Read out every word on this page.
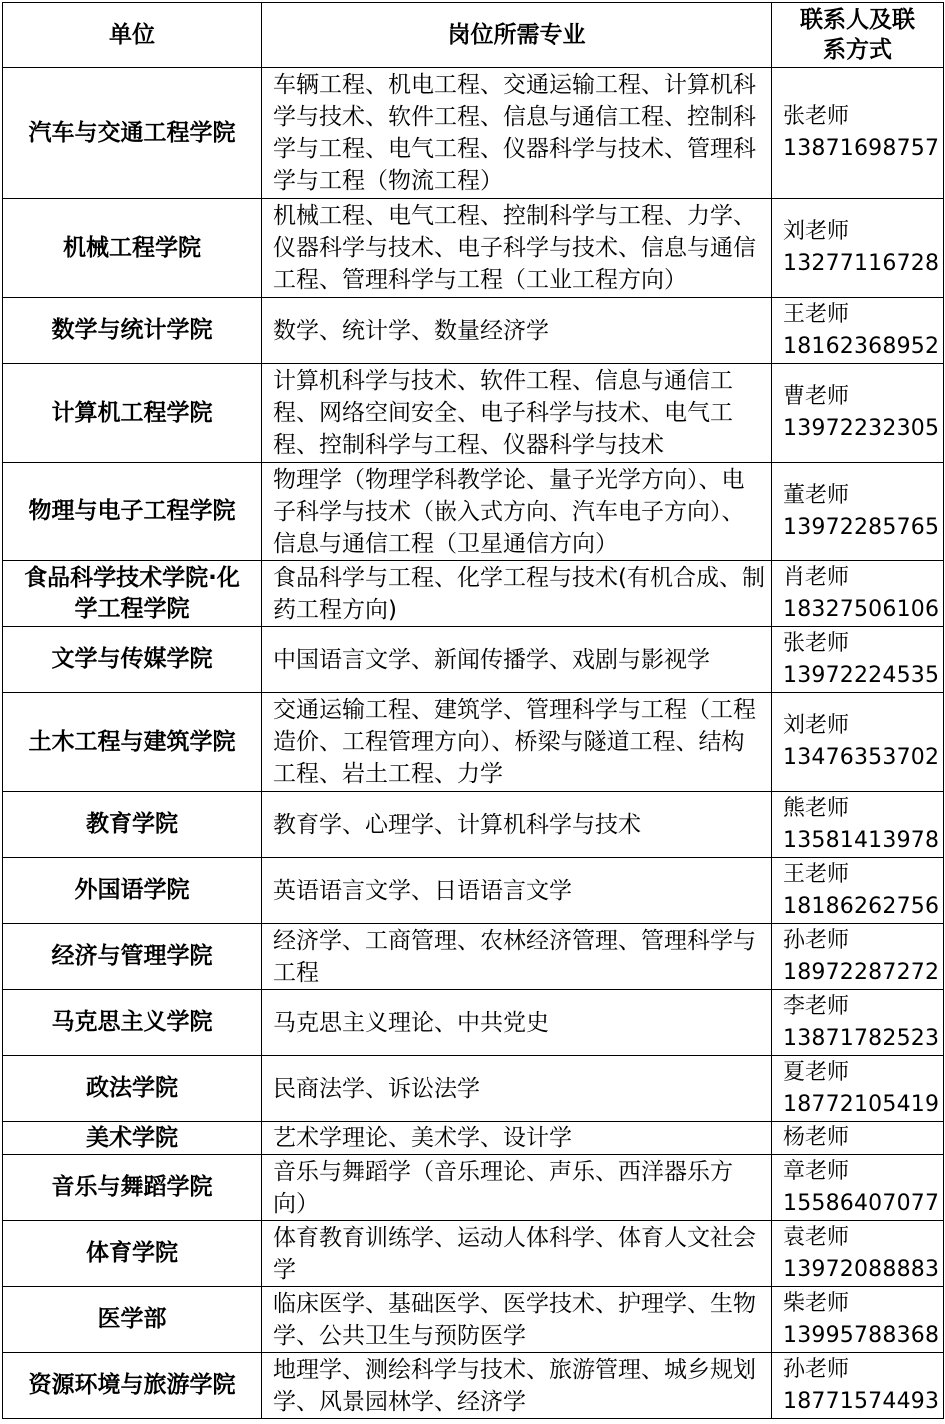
单位	岗位所需专业	联系人及联系方式
汽车与交通工程学院	车辆工程、机电工程、交通运输工程、计算机科学与技术、软件工程、信息与通信工程、控制科学与工程、电气工程、仪器科学与技术、管理科学与工程（物流工程）	张老师
13871698757

机械工程学院	机械工程、电气工程、控制科学与工程、力学、仪器科学与技术、电子科学与技术、信息与通信工程、管理科学与工程（工业工程方向）	刘老师
13277116728

数学与统计学院	数学、统计学、数量经济学	王老师
18162368952

计算机工程学院	计算机科学与技术、软件工程、信息与通信工程、网络空间安全、电子科学与技术、电气工程、控制科学与工程、仪器科学与技术	曹老师
13972232305

物理与电子工程学院	物理学（物理学科教学论、量子光学方向）、电子科学与技术（嵌入式方向、汽车电子方向）、信息与通信工程（卫星通信方向）	董老师
13972285765

食品科学技术学院·化学工程学院	食品科学与工程、化学工程与技术(有机合成、制药工程方向)	肖老师
18327506106

文学与传媒学院	中国语言文学、新闻传播学、戏剧与影视学	张老师
13972224535

土木工程与建筑学院	交通运输工程、建筑学、管理科学与工程（工程造价、工程管理方向）、桥梁与隧道工程、结构工程、岩土工程、力学	刘老师
13476353702

教育学院	教育学、心理学、计算机科学与技术	熊老师
13581413978

外国语学院	英语语言文学、日语语言文学	王老师
18186262756

经济与管理学院	经济学、工商管理、农林经济管理、管理科学与工程	孙老师
18972287272

马克思主义学院	马克思主义理论、中共党史	李老师
13871782523

政法学院	民商法学、诉讼法学	夏老师
18772105419

美术学院	艺术学理论、美术学、设计学	杨老师

音乐与舞蹈学院	音乐与舞蹈学（音乐理论、声乐、西洋器乐方向）	章老师
15586407077

体育学院	体育教育训练学、运动人体科学、体育人文社会学	袁老师
13972088883

医学部	临床医学、基础医学、医学技术、护理学、生物学、公共卫生与预防医学	柴老师
13995788368

资源环境与旅游学院	地理学、测绘科学与技术、旅游管理、城乡规划学、风景园林学、经济学	孙老师
18771574493
